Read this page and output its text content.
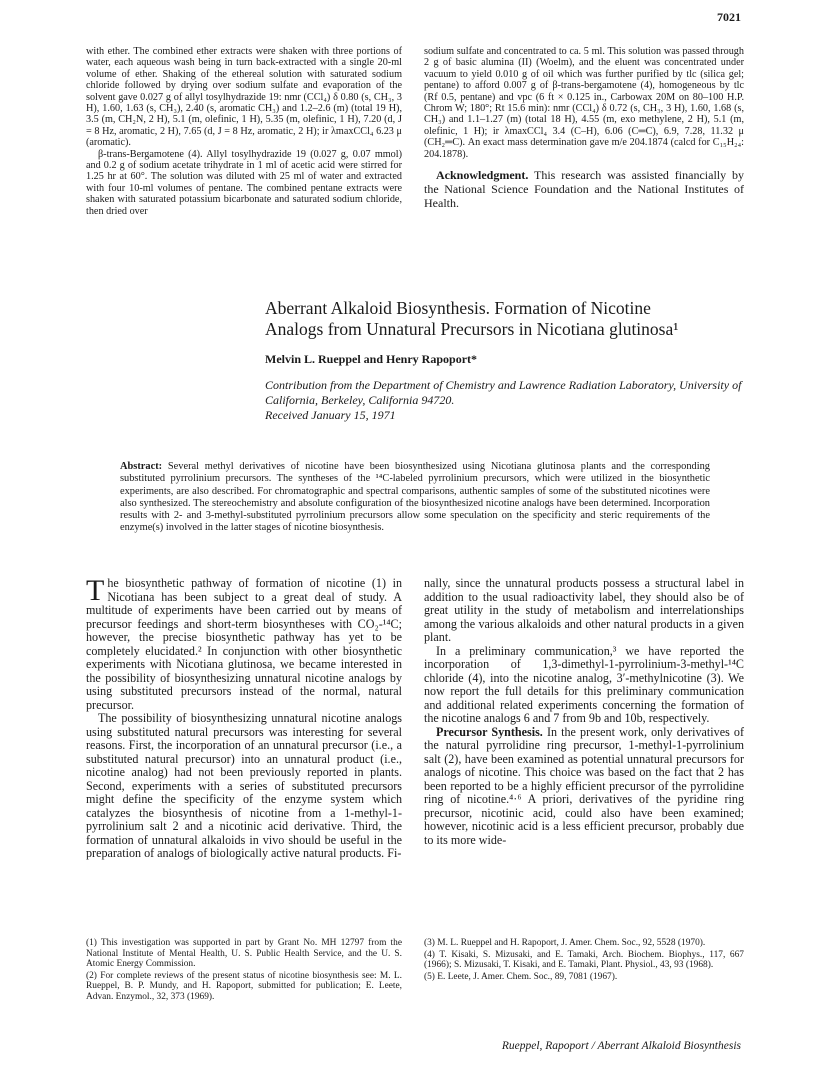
7021

with ether. The combined ether extracts were shaken with three portions of water, each aqueous wash being in turn back-extracted with a single 20-ml volume of ether. Shaking of the ethereal solution with saturated sodium chloride followed by drying over sodium sulfate and evaporation of the solvent gave 0.027 g of allyl tosylhydrazide 19: nmr (CCl₄) δ 0.80 (s, CH₃, 3 H), 1.60, 1.63 (s, CH₃), 2.40 (s, aromatic CH₃) and 1.2–2.6 (m) (total 19 H), 3.5 (m, CH₂N, 2 H), 5.1 (m, olefinic, 1 H), 5.35 (m, olefinic, 1 H), 7.20 (d, J = 8 Hz, aromatic, 2 H), 7.65 (d, J = 8 Hz, aromatic, 2 H); ir λmaxCCl₄ 6.23 μ (aromatic).

β-trans-Bergamotene (4). Allyl tosylhydrazide 19 (0.027 g, 0.07 mmol) and 0.2 g of sodium acetate trihydrate in 1 ml of acetic acid were stirred for 1.25 hr at 60°. The solution was diluted with 25 ml of water and extracted with four 10-ml volumes of pentane. The combined pentane extracts were shaken with saturated potassium bicarbonate and saturated sodium chloride, then dried over

sodium sulfate and concentrated to ca. 5 ml. This solution was passed through 2 g of basic alumina (II) (Woelm), and the eluent was concentrated under vacuum to yield 0.010 g of oil which was further purified by tlc (silica gel; pentane) to afford 0.007 g of β-trans-bergamotene (4), homogeneous by tlc (Rf 0.5, pentane) and vpc (6 ft × 0.125 in., Carbowax 20M on 80–100 H.P. Chrom W; 180°; Rt 15.6 min): nmr (CCl₄) δ 0.72 (s, CH₃, 3 H), 1.60, 1.68 (s, CH₃) and 1.1–1.27 (m) (total 18 H), 4.55 (m, exo methylene, 2 H), 5.1 (m, olefinic, 1 H); ir λmaxCCl₄ 3.4 (C–H), 6.06 (C═C), 6.9, 7.28, 11.32 μ (CH₂═C). An exact mass determination gave m/e 204.1874 (calcd for C₁₅H₂₄: 204.1878).

Acknowledgment. This research was assisted financially by the National Science Foundation and the National Institutes of Health.

Aberrant Alkaloid Biosynthesis. Formation of Nicotine
Analogs from Unnatural Precursors in Nicotiana glutinosa¹
Melvin L. Rueppel and Henry Rapoport*
Contribution from the Department of Chemistry and Lawrence Radiation Laboratory, University of California, Berkeley, California 94720.
Received January 15, 1971
Abstract: Several methyl derivatives of nicotine have been biosynthesized using Nicotiana glutinosa plants and the corresponding substituted pyrrolinium precursors. The syntheses of the ¹⁴C-labeled pyrrolinium precursors, which were utilized in the biosynthetic experiments, are also described. For chromatographic and spectral comparisons, authentic samples of some of the substituted nicotines were also synthesized. The stereochemistry and absolute configuration of the biosynthesized nicotine analogs have been determined. Incorporation results with 2- and 3-methyl-substituted pyrrolinium precursors allow some speculation on the specificity and steric requirements of the enzyme(s) involved in the latter stages of nicotine biosynthesis.

The biosynthetic pathway of formation of nicotine (1) in Nicotiana has been subject to a great deal of study. A multitude of experiments have been carried out by means of precursor feedings and short-term biosyntheses with CO₂-¹⁴C; however, the precise biosynthetic pathway has yet to be completely elucidated.² In conjunction with other biosynthetic experiments with Nicotiana glutinosa, we became interested in the possibility of biosynthesizing unnatural nicotine analogs by using substituted precursors instead of the normal, natural precursor.

The possibility of biosynthesizing unnatural nicotine analogs using substituted natural precursors was interesting for several reasons. First, the incorporation of an unnatural precursor (i.e., a substituted natural precursor) into an unnatural product (i.e., nicotine analog) had not been previously reported in plants. Second, experiments with a series of substituted precursors might define the specificity of the enzyme system which catalyzes the biosynthesis of nicotine from a 1-methyl-1-pyrrolinium salt 2 and a nicotinic acid derivative. Third, the formation of unnatural alkaloids in vivo should be useful in the preparation of analogs of biologically active natural products. Fi-

nally, since the unnatural products possess a structural label in addition to the usual radioactivity label, they should also be of great utility in the study of metabolism and interrelationships among the various alkaloids and other natural products in a given plant.

In a preliminary communication,³ we have reported the incorporation of 1,3-dimethyl-1-pyrrolinium-3-methyl-¹⁴C chloride (4), into the nicotine analog, 3′-methylnicotine (3). We now report the full details for this preliminary communication and additional related experiments concerning the formation of the nicotine analogs 6 and 7 from 9b and 10b, respectively.

Precursor Synthesis. In the present work, only derivatives of the natural pyrrolidine ring precursor, 1-methyl-1-pyrrolinium salt (2), have been examined as potential unnatural precursors for analogs of nicotine. This choice was based on the fact that 2 has been reported to be a highly efficient precursor of the pyrrolidine ring of nicotine.⁴·⁶ A priori, derivatives of the pyridine ring precursor, nicotinic acid, could also have been examined; however, nicotinic acid is a less efficient precursor, probably due to its more wide-

(1) This investigation was supported in part by Grant No. MH 12797 from the National Institute of Mental Health, U. S. Public Health Service, and the U. S. Atomic Energy Commission.
(2) For complete reviews of the present status of nicotine biosynthesis see: M. L. Rueppel, B. P. Mundy, and H. Rapoport, submitted for publication; E. Leete, Advan. Enzymol., 32, 373 (1969).
(3) M. L. Rueppel and H. Rapoport, J. Amer. Chem. Soc., 92, 5528 (1970).
(4) T. Kisaki, S. Mizusaki, and E. Tamaki, Arch. Biochem. Biophys., 117, 667 (1966); S. Mizusaki, T. Kisaki, and E. Tamaki, Plant. Physiol., 43, 93 (1968).
(5) E. Leete, J. Amer. Chem. Soc., 89, 7081 (1967).
Rueppel, Rapoport / Aberrant Alkaloid Biosynthesis
